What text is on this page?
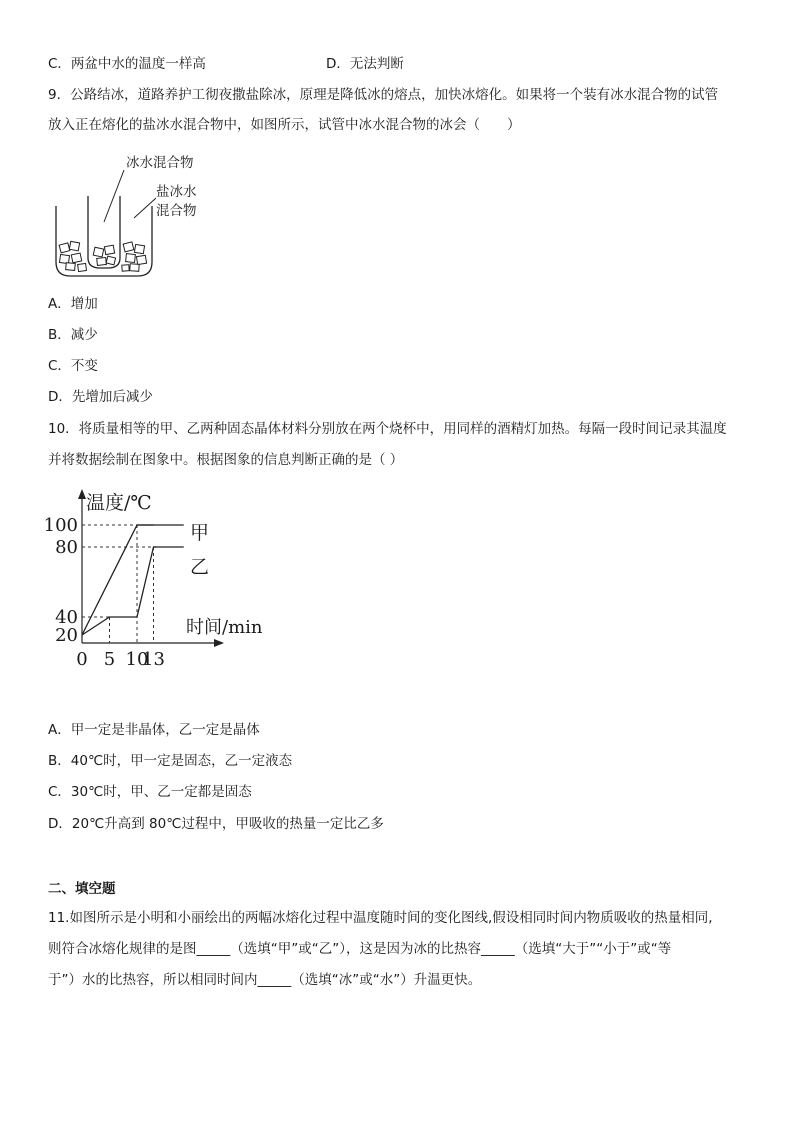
C．两盆中水的温度一样高	D．无法判断
9．公路结冰，道路养护工彻夜撒盐除冰，原理是降低冰的熔点，加快冰熔化。如果将一个装有冰水混合物的试管
放入正在熔化的盐冰水混合物中，如图所示，试管中冰水混合物的冰会（　　）
冰水混合物
盐冰水
混合物
A．增加
B．减少
C．不变
D．先增加后减少
10．将质量相等的甲、乙两种固态晶体材料分别放在两个烧杯中，用同样的酒精灯加热。每隔一段时间记录其温度
并将数据绘制在图象中。根据图象的信息判断正确的是（ ）
温度/℃
时间/min
甲
乙
100
80
40
20
0 5 10
13
A．甲一定是非晶体，乙一定是晶体
B．40℃时，甲一定是固态，乙一定液态
C．30℃时，甲、乙一定都是固态
D．20℃升高到 80℃过程中，甲吸收的热量一定比乙多
二、填空题
11.如图所示是小明和小丽绘出的两幅冰熔化过程中温度随时间的变化图线,假设相同时间内物质吸收的热量相同,
则符合冰熔化规律的是图_____（选填“甲”或“乙”），这是因为冰的比热容_____（选填“大于”“小于”或“等
于”）水的比热容，所以相同时间内_____（选填“冰”或“水”）升温更快。
